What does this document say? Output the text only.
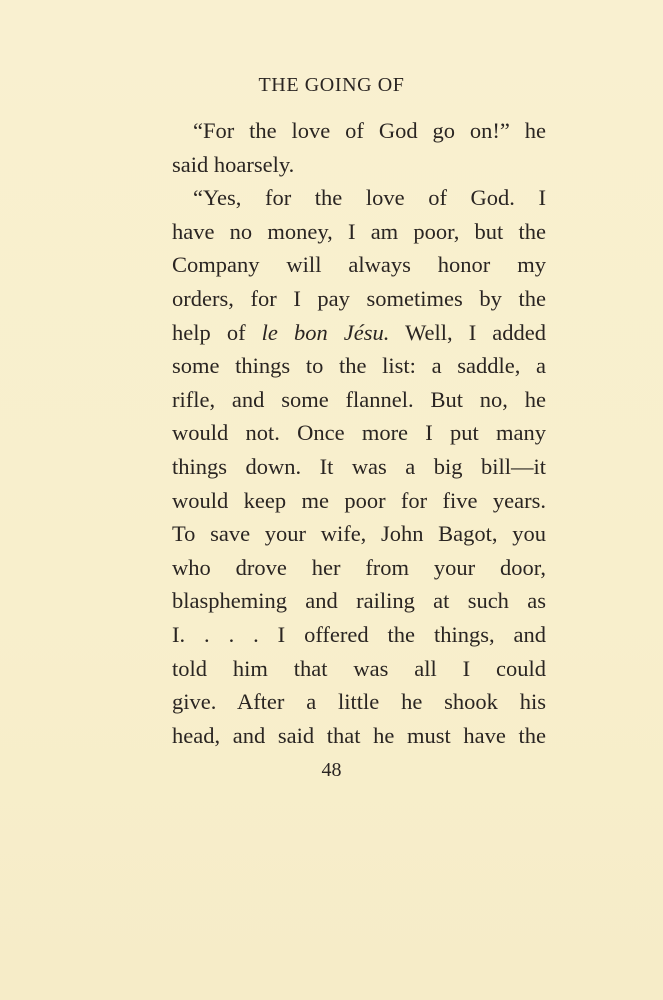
THE GOING OF
“For the love of God go on!” he
said hoarsely.
“Yes, for the love of God. I
have no money, I am poor, but the
Company will always honor my
orders, for I pay sometimes by the
help of le bon Jésu. Well, I added
some things to the list: a saddle, a
rifle, and some flannel. But no, he
would not. Once more I put many
things down. It was a big bill—it
would keep me poor for five years.
To save your wife, John Bagot, you
who drove her from your door,
blaspheming and railing at such as
I. . . . I offered the things, and
told him that was all I could
give. After a little he shook his
head, and said that he must have the
48
